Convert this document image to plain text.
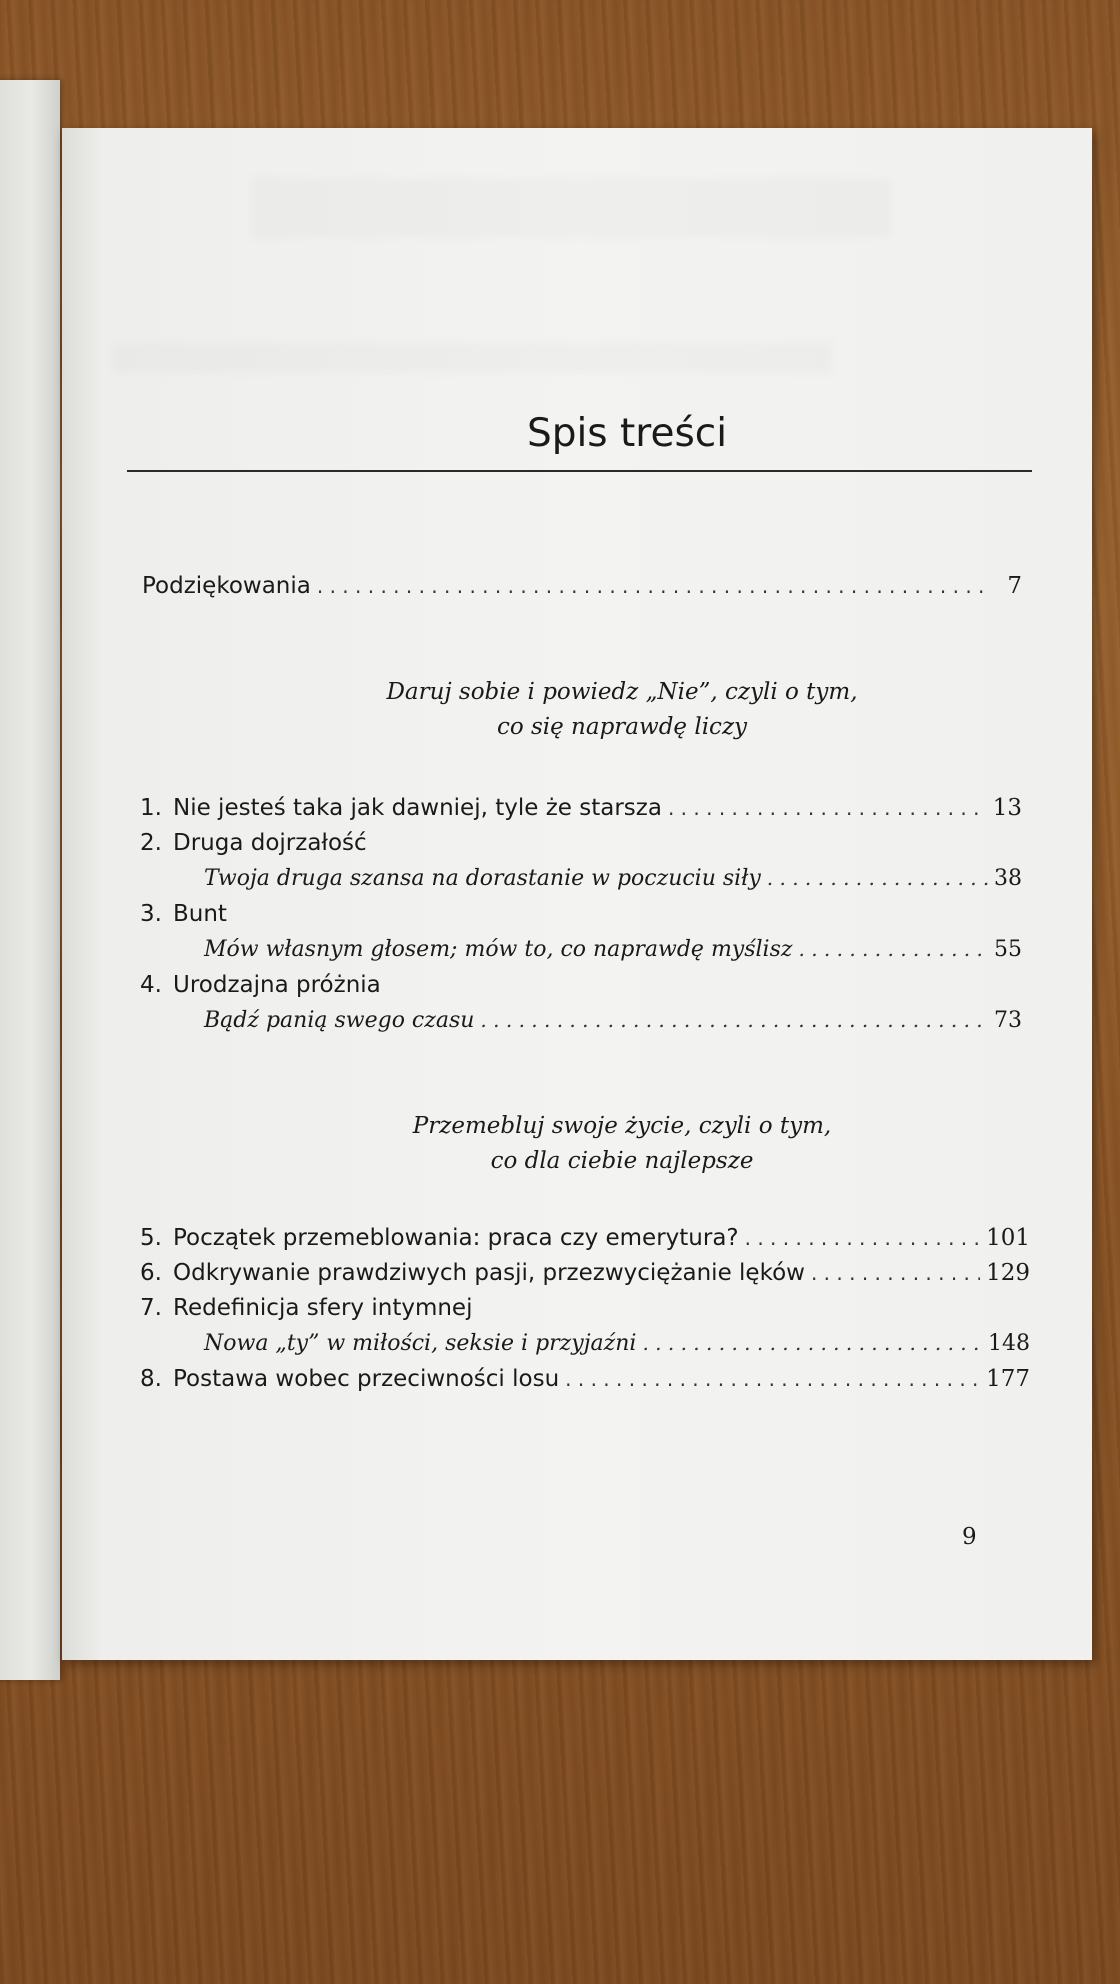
Spis treści
Podziękowania . . .	7
Daruj sobie i powiedz „Nie”, czyli o tym,
co się naprawdę liczy
1. Nie jesteś taka jak dawniej, tyle że starsza . . .	13
2. Druga dojrzałość
Twoja druga szansa na dorastanie w poczuciu siły . . .	38
3. Bunt
Mów własnym głosem; mów to, co naprawdę myślisz . . .	55
4. Urodzajna próżnia
Bądź panią swego czasu . . .	73
Przemebluj swoje życie, czyli o tym,
co dla ciebie najlepsze
5. Początek przemeblowania: praca czy emerytura? . . .	101
6. Odkrywanie prawdziwych pasji, przezwyciężanie lęków . . .	129
7. Redefinicja sfery intymnej
Nowa „ty” w miłości, seksie i przyjaźni . . .	148
8. Postawa wobec przeciwności losu . . .	177
9
